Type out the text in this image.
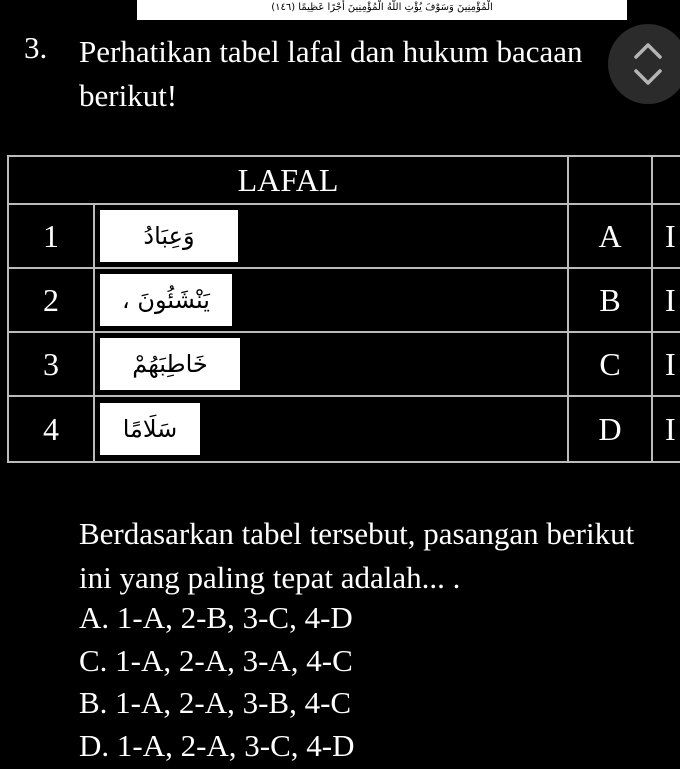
الْمُؤْمِنِينَ وَسَوْفَ يُؤْتِ اللَّهُ الْمُؤْمِنِينَ أَجْرًا عَظِيمًا (١٤٦)
3. Perhatikan tabel lafal dan hukum bacaan berikut!
LAFAL			
1	وَعِبَادُ	A	I
2	يَنْشَئُونَ ،	B	I
3	خَاطِبَهُمْ	C	I
4	سَلَامًا	D	I
Berdasarkan tabel tersebut, pasangan berikut ini yang paling tepat adalah... .
A. 1-A, 2-B, 3-C, 4-D
C. 1-A, 2-A, 3-A, 4-C
B. 1-A, 2-A, 3-B, 4-C
D. 1-A, 2-A, 3-C, 4-D
